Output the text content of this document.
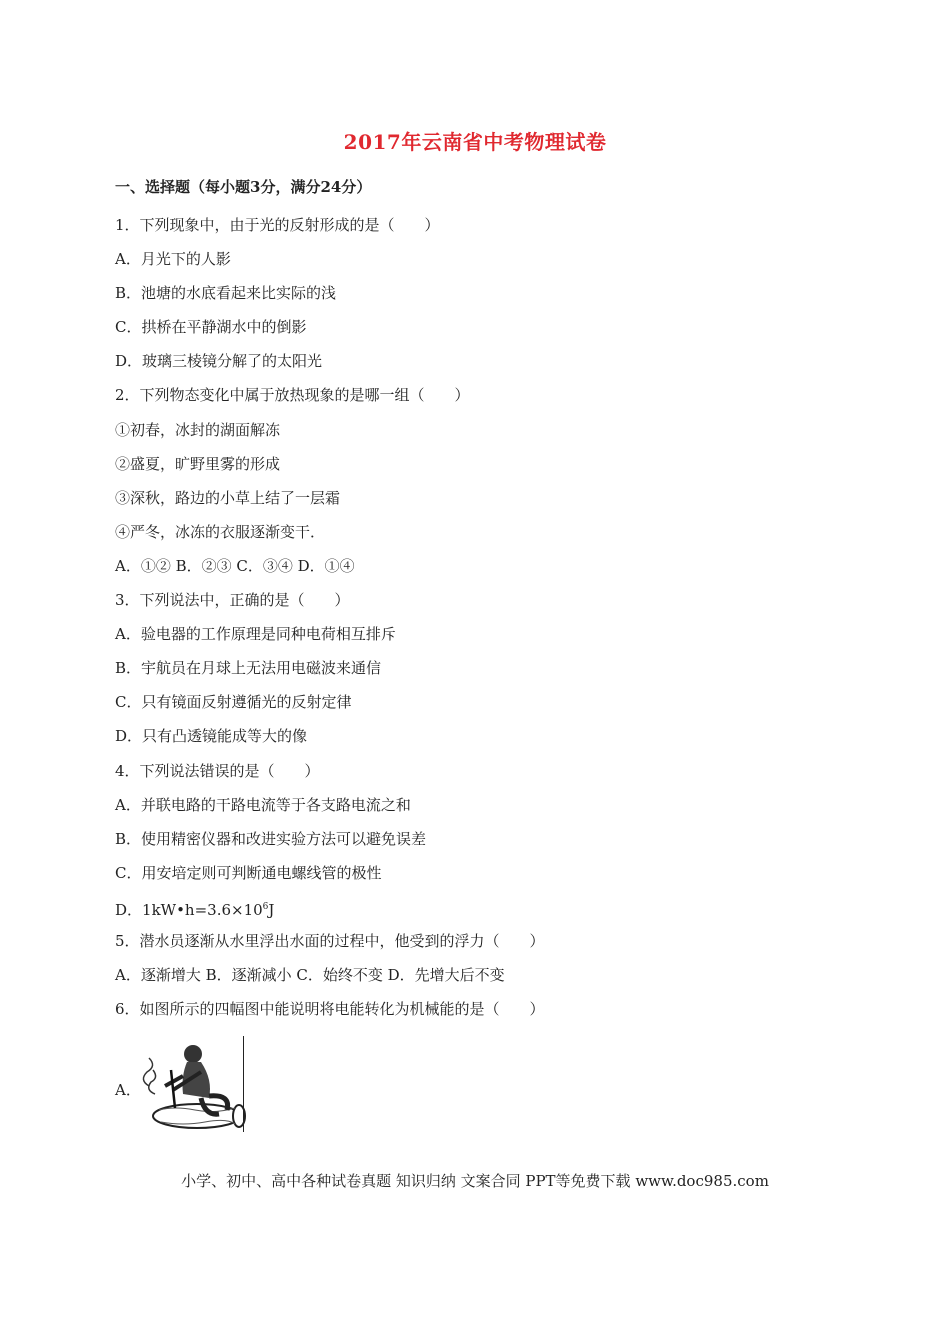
2017年云南省中考物理试卷
一、选择题（每小题3分，满分24分）
1．下列现象中，由于光的反射形成的是（　　）
A．月光下的人影
B．池塘的水底看起来比实际的浅
C．拱桥在平静湖水中的倒影
D．玻璃三棱镜分解了的太阳光
2．下列物态变化中属于放热现象的是哪一组（　　）
①初春，冰封的湖面解冻
②盛夏，旷野里雾的形成
③深秋，路边的小草上结了一层霜
④严冬，冰冻的衣服逐渐变干．
A．①② B．②③ C．③④ D．①④
3．下列说法中，正确的是（　　）
A．验电器的工作原理是同种电荷相互排斥
B．宇航员在月球上无法用电磁波来通信
C．只有镜面反射遵循光的反射定律
D．只有凸透镜能成等大的像
4．下列说法错误的是（　　）
A．并联电路的干路电流等于各支路电流之和
B．使用精密仪器和改进实验方法可以避免误差
C．用安培定则可判断通电螺线管的极性
D．$1kW•h=3.6\times 10^6J$
5．潜水员逐渐从水里浮出水面的过程中，他受到的浮力（　　）
A．逐渐增大 B．逐渐减小 C．始终不变 D．先增大后不变
6．如图所示的四幅图中能说明将电能转化为机械能的是（　　）
A．
小学、初中、高中各种试卷真题 知识归纳 文案合同 PPT等免费下载 www.doc985.com
